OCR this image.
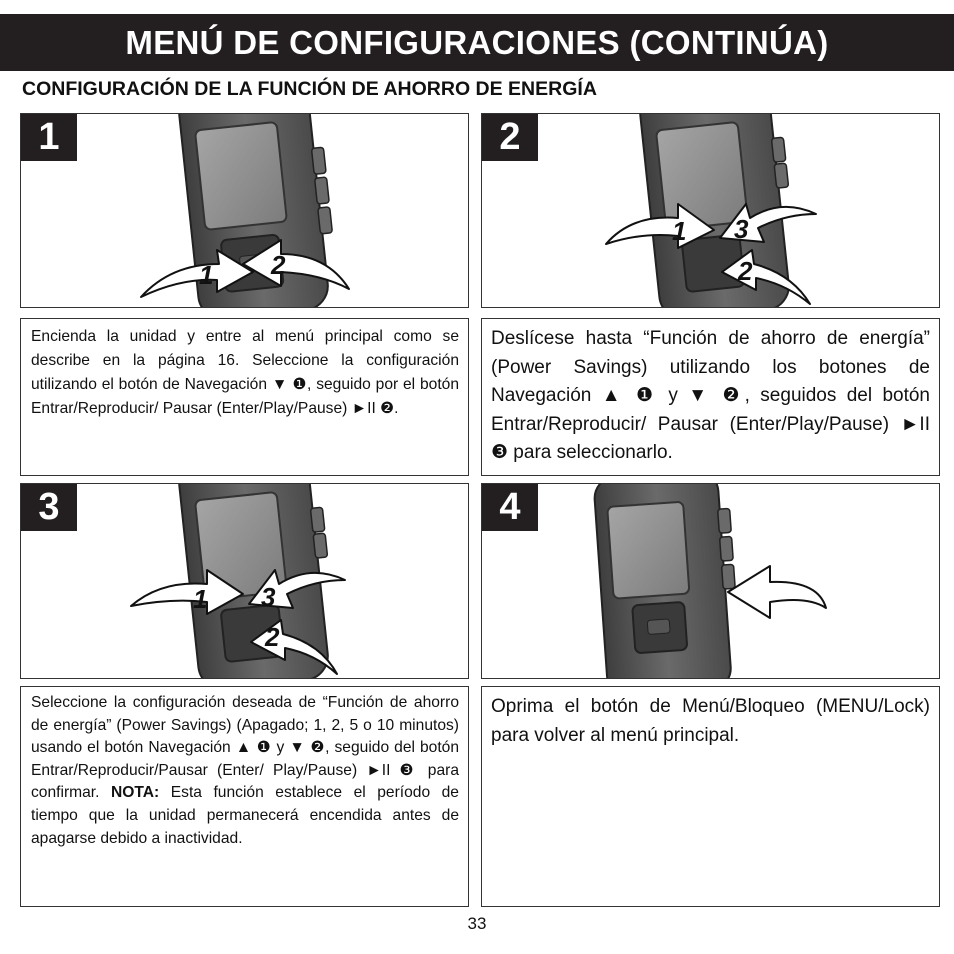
MENÚ DE CONFIGURACIONES (CONTINÚA)
CONFIGURACIÓN DE LA FUNCIÓN DE AHORRO DE ENERGÍA
1 2
1
1 3
2
2

Encienda la unidad y entre al menú principal como se describe en la página 16. Seleccione la configuración utilizando el botón de Navegación ▼ ❶, seguido por el botón Entrar/Reproducir/ Pausar (Enter/Play/Pause) ►II ❷.

Deslícese hasta “Función de ahorro de energía” (Power Savings) utilizando los botones de Navegación ▲ ❶ y ▼ ❷, seguidos del botón Entrar/Reproducir/ Pausar (Enter/Play/Pause) ►II ❸ para seleccionarlo.

1 3
2
3	4

Seleccione la configuración deseada de “Función de ahorro de energía” (Power Savings) (Apagado; 1, 2, 5 o 10 minutos) usando el botón Navegación ▲ ❶ y ▼ ❷, seguido del botón Entrar/Reproducir/Pausar (Enter/ Play/Pause) ►II ❸ para confirmar. NOTA: Esta función establece el período de tiempo que la unidad permanecerá encendida antes de apagarse debido a inactividad.

Oprima el botón de Menú/Bloqueo (MENU/Lock) para volver al menú principal.

33
